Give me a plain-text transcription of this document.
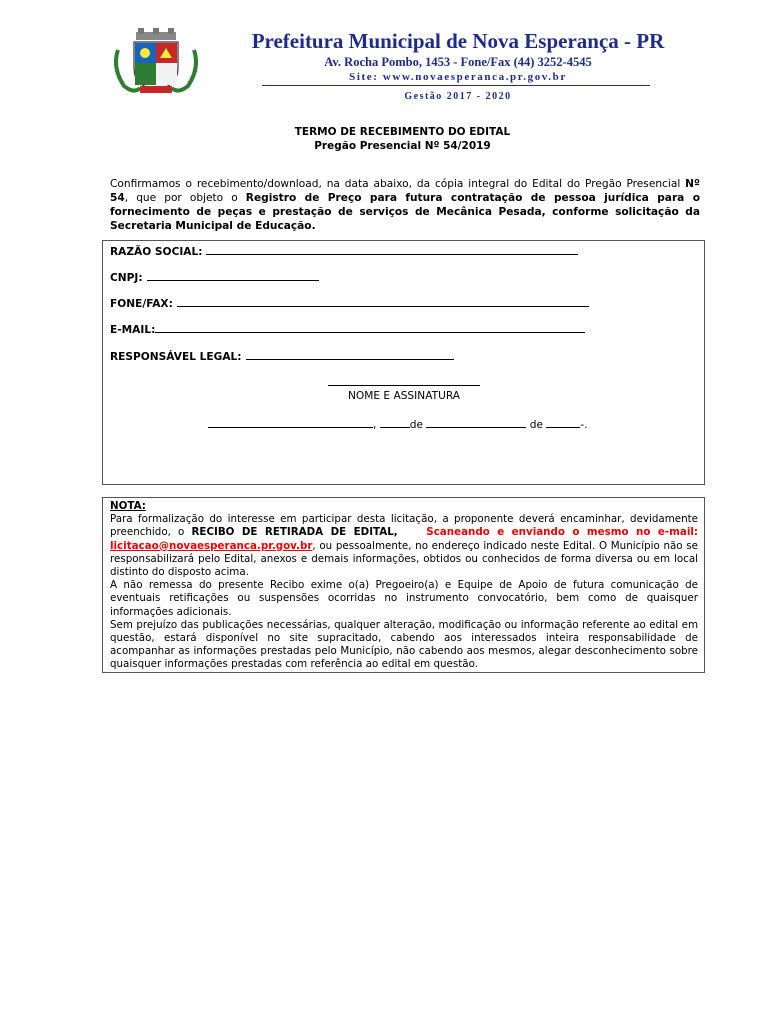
Prefeitura Municipal de Nova Esperança - PR
Av. Rocha Pombo, 1453 - Fone/Fax (44) 3252-4545
Site: www.novaesperanca.pr.gov.br
Gestão 2017 - 2020
TERMO DE RECEBIMENTO DO EDITAL
Pregão Presencial Nº 54/2019
Confirmamos o recebimento/download, na data abaixo, da cópia integral do Edital do Pregão Presencial Nº 54, que por objeto o Registro de Preço para futura contratação de pessoa jurídica para o fornecimento de peças e prestação de serviços de Mecânica Pesada, conforme solicitação da Secretaria Municipal de Educação.
RAZÃO SOCIAL:
CNPJ:
FONE/FAX:
E-MAIL:
RESPONSÁVEL LEGAL:
NOME E ASSINATURA
,	de	de	-.
NOTA:
Para formalização do interesse em participar desta licitação, a proponente deverá encaminhar, devidamente preenchido, o RECIBO DE RETIRADA DE EDITAL,	Scaneando e enviando o mesmo no e-mail: licitacao@novaesperanca.pr.gov.br, ou pessoalmente, no endereço indicado neste Edital. O Município não se responsabilizará pelo Edital, anexos e demais informações, obtidos ou conhecidos de forma diversa ou em local distinto do disposto acima.
A não remessa do presente Recibo exime o(a) Pregoeiro(a) e Equipe de Apoio de futura comunicação de eventuais retificações ou suspensões ocorridas no instrumento convocatório, bem como de quaisquer informações adicionais.
Sem prejuízo das publicações necessárias, qualquer alteração, modificação ou informação referente ao edital em questão, estará disponível no site supracitado, cabendo aos interessados inteira responsabilidade de acompanhar as informações prestadas pelo Município, não cabendo aos mesmos, alegar desconhecimento sobre quaisquer informações prestadas com referência ao edital em questão.
